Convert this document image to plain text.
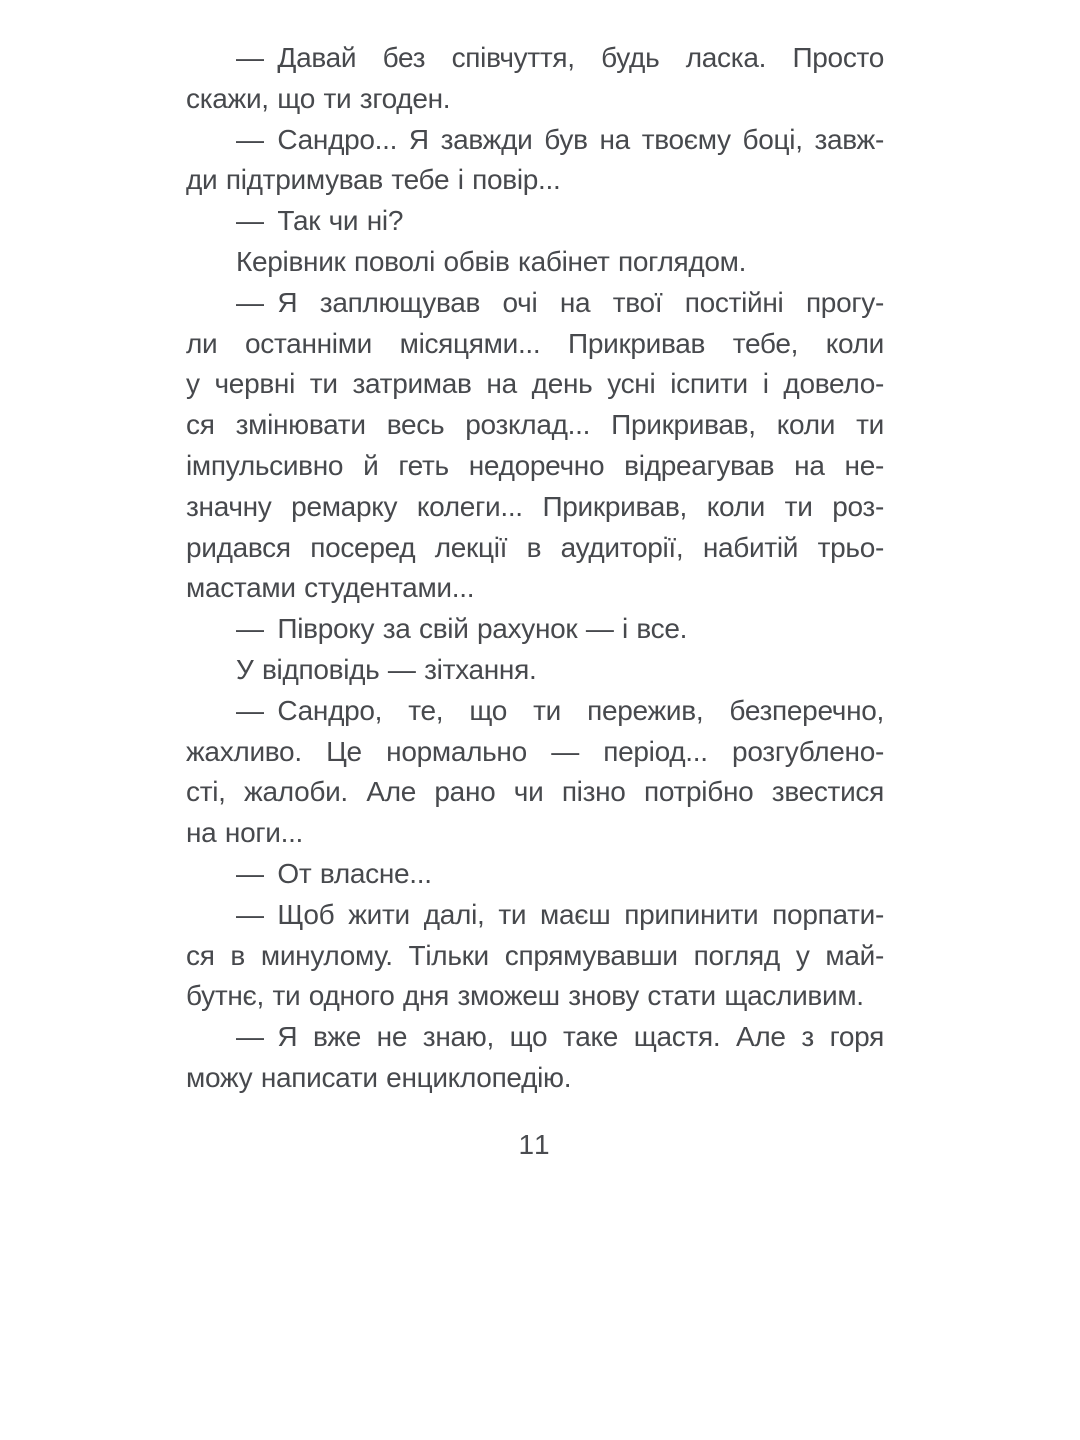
— Давай без співчуття, будь ласка. Просто
скажи, що ти згоден.
— Сандро... Я завжди був на твоєму боці, завж-
ди підтримував тебе і повір...
— Так чи ні?
Керівник поволі обвів кабінет поглядом.
— Я заплющував очі на твої постійні прогу-
ли останніми місяцями... Прикривав тебе, коли
у червні ти затримав на день усні іспити і довело-
ся змінювати весь розклад... Прикривав, коли ти
імпульсивно й геть недоречно відреагував на не-
значну ремарку колеги... Прикривав, коли ти роз-
ридався посеред лекції в аудиторії, набитій трьо-
мастами студентами...
— Півроку за свій рахунок — і все.
У відповідь — зітхання.
— Сандро, те, що ти пережив, безперечно,
жахливо. Це нормально — період... розгублено-
сті, жалоби. Але рано чи пізно потрібно звестися
на ноги...
— От власне...
— Щоб жити далі, ти маєш припинити порпати-
ся в минулому. Тільки спрямувавши погляд у май-
бутнє, ти одного дня зможеш знову стати щасливим.
— Я вже не знаю, що таке щастя. Але з горя
можу написати енциклопедію.
11
